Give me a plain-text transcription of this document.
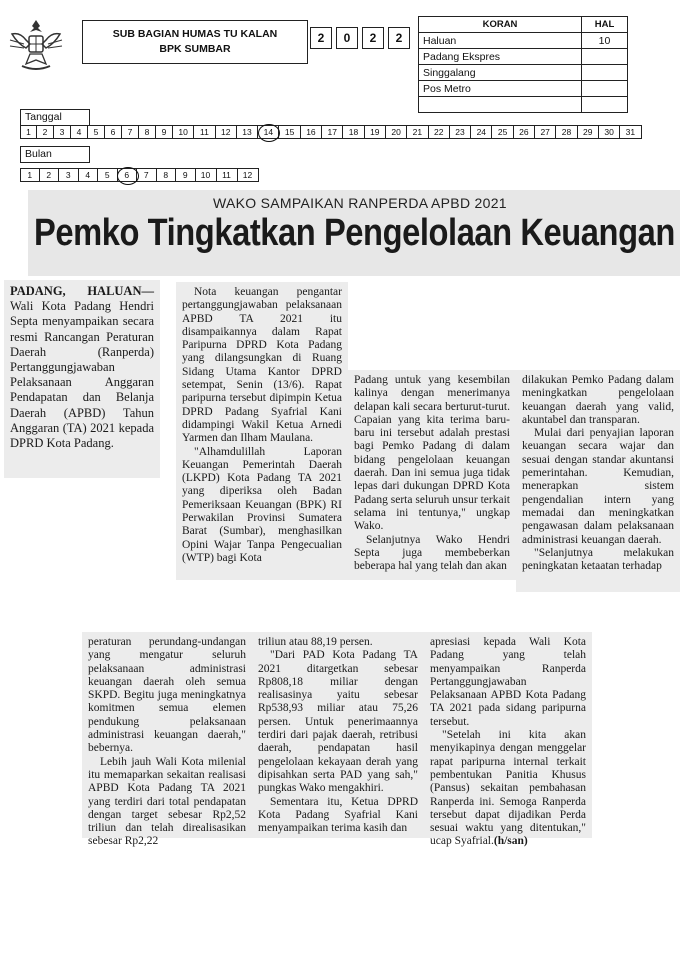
SUB BAGIAN HUMAS TU KALAN
BPK SUMBAR
2	0	2	2
KORAN	HAL
Haluan	10
Padang Ekspres	
Singgalang	
Pos Metro	

Tanggal
1	2	3	4	5	6	7	8	9	10	11	12	13	14	15	16	17	18	19	20	21	22	23	24	25	26	27	28	29	30	31
Bulan
1	2	3	4	5	6	7	8	9	10	11	12
WAKO SAMPAIKAN RANPERDA APBD 2021
Pemko Tingkatkan Pengelolaan Keuangan

PADANG, HALUAN— Wali Kota Padang Hendri Septa menyampaikan secara resmi Rancangan Peraturan Daerah (Ranperda) Pertanggungjawaban Pelaksanaan Anggaran Pendapatan dan Belanja Daerah (APBD) Tahun Anggaran (TA) 2021 kepada DPRD Kota Padang.

Nota keuangan pengantar pertanggungjawaban pelaksanaan APBD TA 2021 itu disampaikannya dalam Rapat Paripurna DPRD Kota Padang yang dilangsungkan di Ruang Sidang Utama Kantor DPRD setempat, Senin (13/6). Rapat paripurna tersebut dipimpin Ketua DPRD Padang Syafrial Kani didampingi Wakil Ketua Arnedi Yarmen dan Ilham Maulana.

"Alhamdulillah Laporan Keuangan Pemerintah Daerah (LKPD) Kota Padang TA 2021 yang diperiksa oleh Badan Pemeriksaan Keuangan (BPK) RI Perwakilan Provinsi Sumatera Barat (Sumbar), menghasilkan Opini Wajar Tanpa Pengecualian (WTP) bagi Kota

Padang untuk yang kesembilan kalinya dengan menerimanya delapan kali secara berturut-turut. Capaian yang kita terima baru-baru ini tersebut adalah prestasi bagi Pemko Padang di dalam bidang pengelolaan keuangan daerah. Dan ini semua juga tidak lepas dari dukungan DPRD Kota Padang serta seluruh unsur terkait selama ini tentunya," ungkap Wako.

Selanjutnya Wako Hendri Septa juga membeberkan beberapa hal yang telah dan akan

dilakukan Pemko Padang dalam meningkatkan pengelolaan keuangan daerah yang valid, akuntabel dan transparan.

Mulai dari penyajian laporan keuangan secara wajar dan sesuai dengan standar akuntansi pemerintahan. Kemudian, menerapkan sistem pengendalian intern yang memadai dan meningkatkan pengawasan dalam pelaksanaan administrasi keuangan daerah.

"Selanjutnya melakukan peningkatan ketaatan terhadap

peraturan perundang-undangan yang mengatur seluruh pelaksanaan administrasi keuangan daerah oleh semua SKPD. Begitu juga meningkatnya komitmen semua elemen pendukung pelaksanaan administrasi keuangan daerah," bebernya.

Lebih jauh Wali Kota milenial itu memaparkan sekaitan realisasi APBD Kota Padang TA 2021 yang terdiri dari total pendapatan dengan target sebesar Rp2,52 triliun dan telah direalisasikan sebesar Rp2,22

triliun atau 88,19 persen.

"Dari PAD Kota Padang TA 2021 ditargetkan sebesar Rp808,18 miliar dengan realisasinya yaitu sebesar Rp538,93 miliar atau 75,26 persen. Untuk penerimaannya terdiri dari pajak daerah, retribusi daerah, pendapatan hasil pengelolaan kekayaan derah yang dipisahkan serta PAD yang sah," pungkas Wako mengakhiri.

Sementara itu, Ketua DPRD Kota Padang Syafrial Kani menyampaikan terima kasih dan

apresiasi kepada Wali Kota Padang yang telah menyampaikan Ranperda Pertanggungjawaban Pelaksanaan APBD Kota Padang TA 2021 pada sidang paripurna tersebut.

"Setelah ini kita akan menyikapinya dengan menggelar rapat paripurna internal terkait pembentukan Panitia Khusus (Pansus) sekaitan pembahasan Ranperda ini. Semoga Ranperda tersebut dapat dijadikan Perda sesuai waktu yang ditentukan," ucap Syafrial.(h/san)
